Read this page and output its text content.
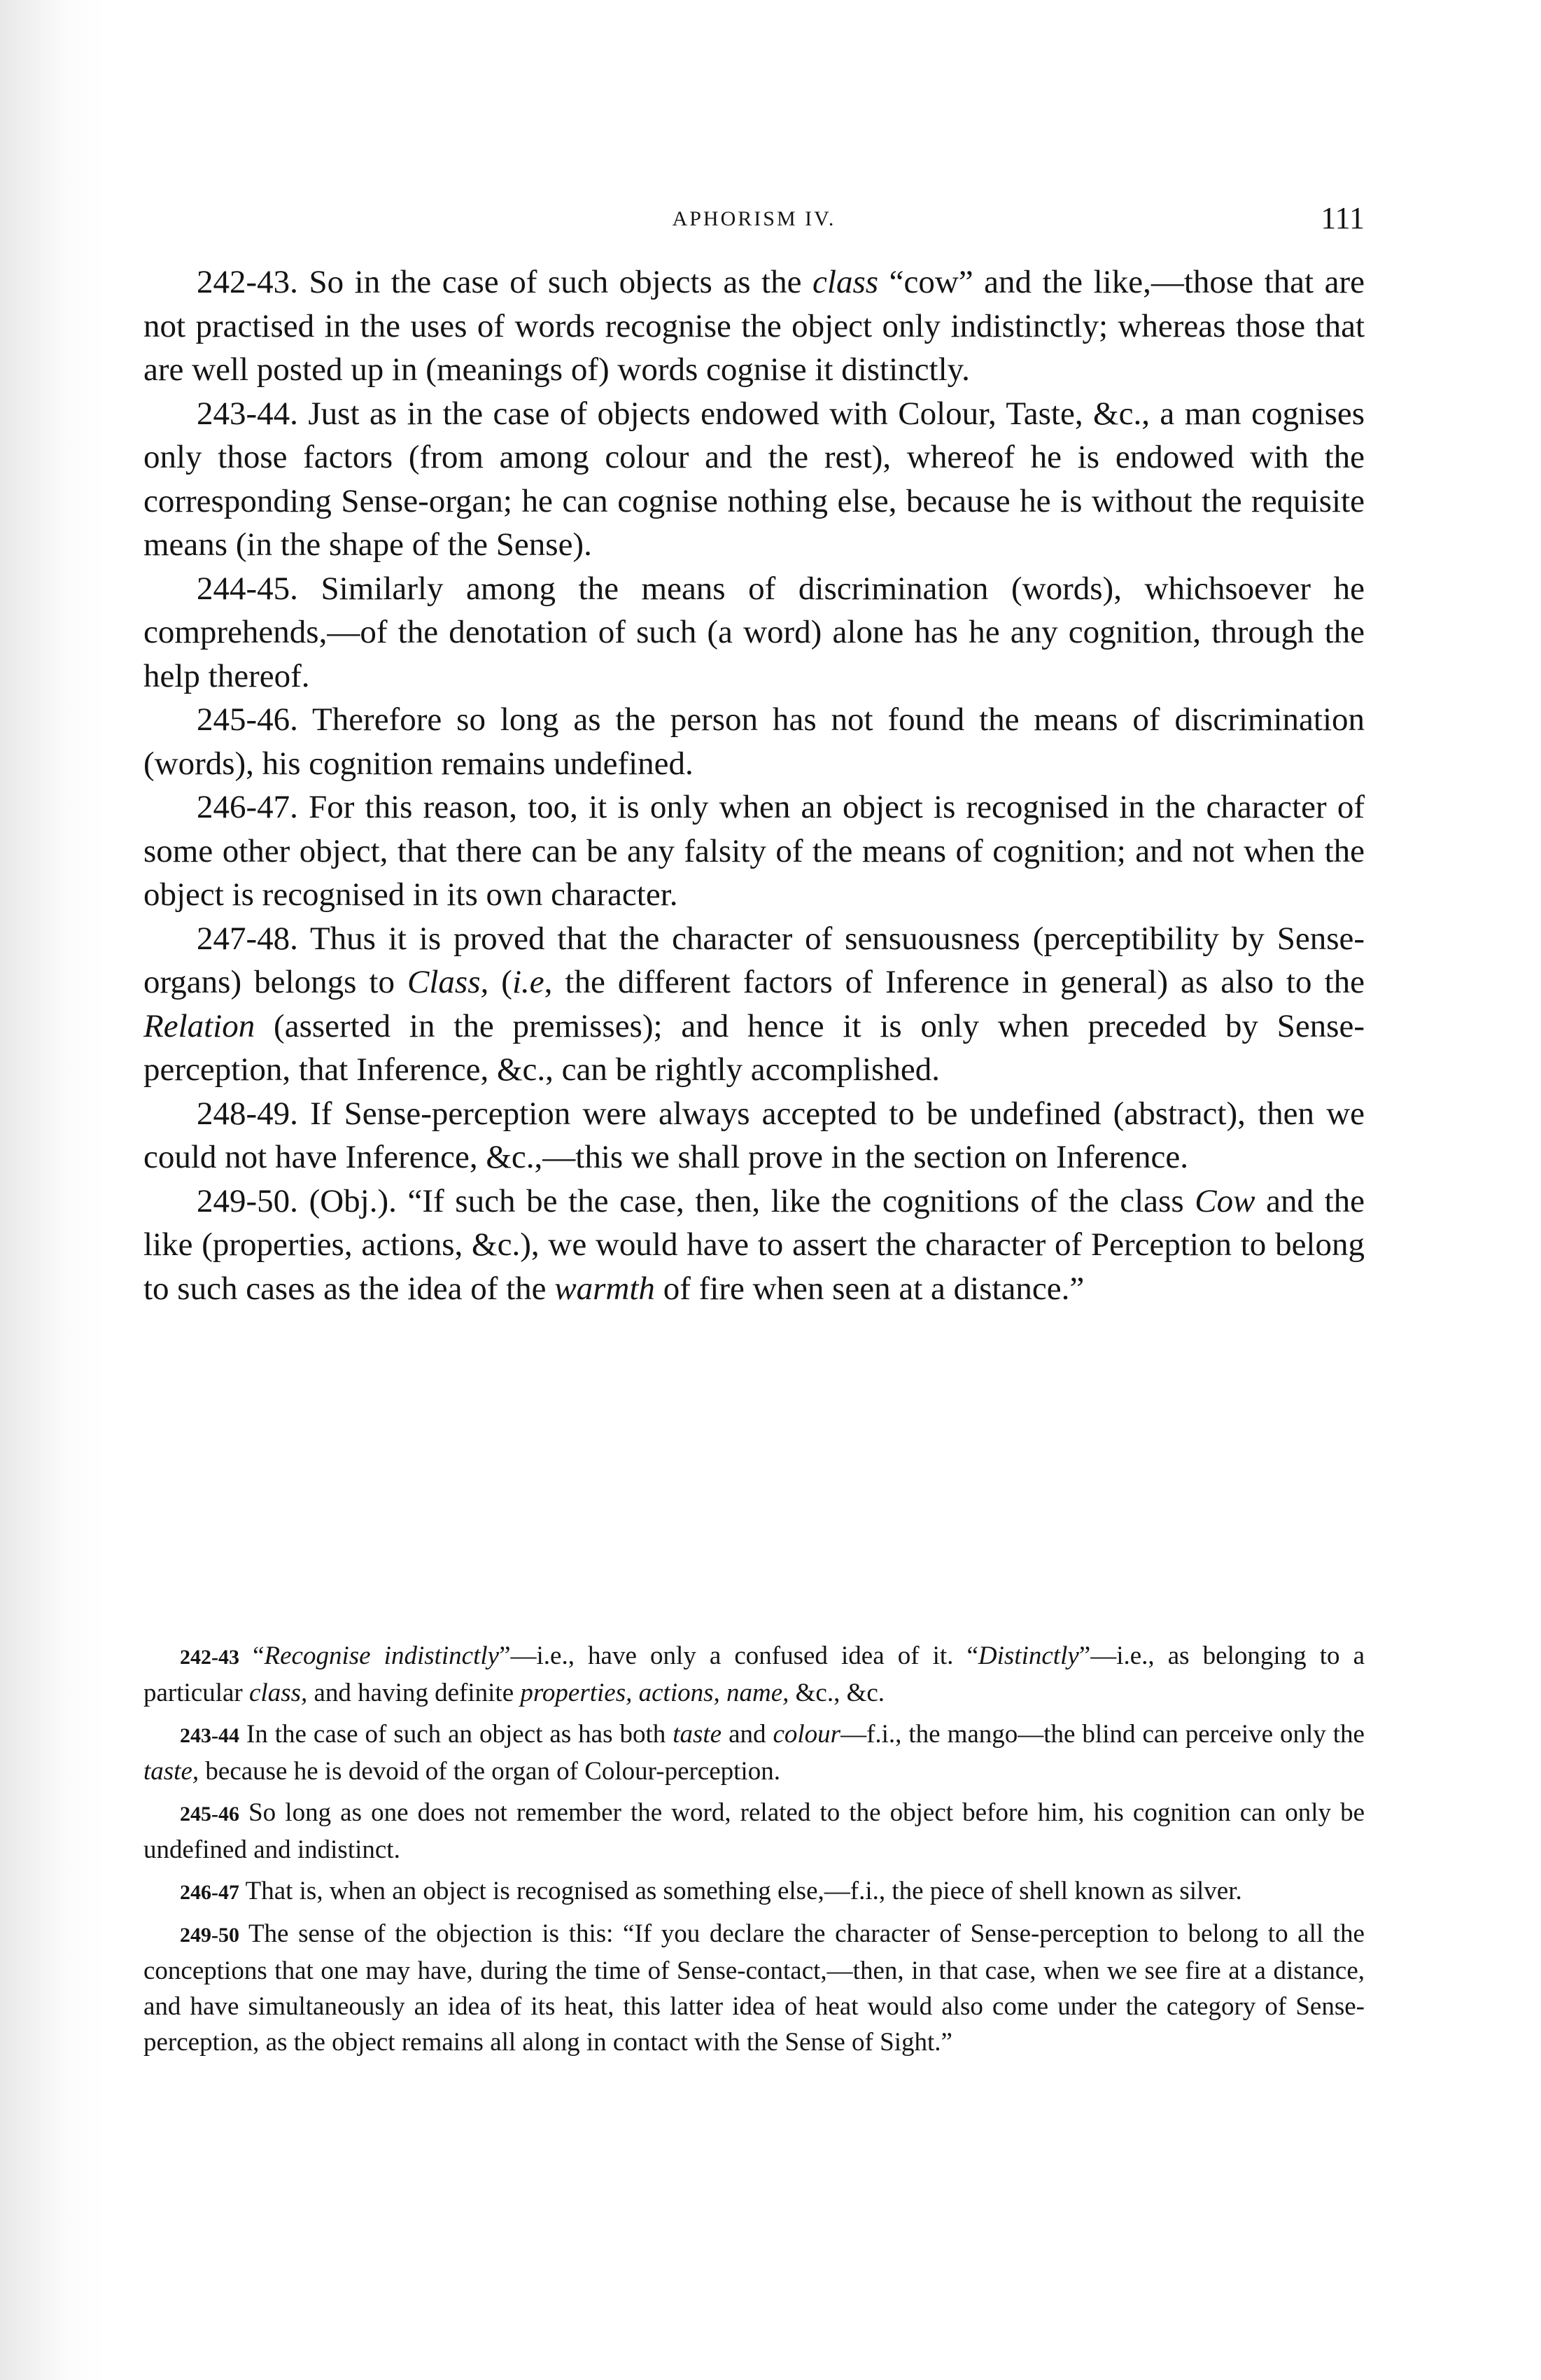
APHORISM IV.	111

242-43. So in the case of such objects as the class “cow” and the like,—those that are not practised in the uses of words recognise the object only indistinctly; whereas those that are well posted up in (meanings of) words cognise it distinctly.

243-44. Just as in the case of objects endowed with Colour, Taste, &c., a man cognises only those factors (from among colour and the rest), whereof he is endowed with the corresponding Sense-organ; he can cognise nothing else, because he is without the requisite means (in the shape of the Sense).

244-45. Similarly among the means of discrimination (words), whichsoever he comprehends,—of the denotation of such (a word) alone has he any cognition, through the help thereof.

245-46. Therefore so long as the person has not found the means of discrimination (words), his cognition remains undefined.

246-47. For this reason, too, it is only when an object is recognised in the character of some other object, that there can be any falsity of the means of cognition; and not when the object is recognised in its own character.

247-48. Thus it is proved that the character of sensuousness (perceptibility by Sense-organs) belongs to Class, (i.e, the different factors of Inference in general) as also to the Relation (asserted in the premisses); and hence it is only when preceded by Sense-perception, that Inference, &c., can be rightly accomplished.

248-49. If Sense-perception were always accepted to be undefined (abstract), then we could not have Inference, &c.,—this we shall prove in the section on Inference.

249-50. (Obj.). “If such be the case, then, like the cognitions of the class Cow and the like (properties, actions, &c.), we would have to assert the character of Perception to belong to such cases as the idea of the warmth of fire when seen at a distance.”

242-43 “Recognise indistinctly”—i.e., have only a confused idea of it. “Distinctly”—i.e., as belonging to a particular class, and having definite properties, actions, name, &c., &c.

243-44 In the case of such an object as has both taste and colour—f.i., the mango—the blind can perceive only the taste, because he is devoid of the organ of Colour-perception.

245-46 So long as one does not remember the word, related to the object before him, his cognition can only be undefined and indistinct.

246-47 That is, when an object is recognised as something else,—f.i., the piece of shell known as silver.

249-50 The sense of the objection is this: “If you declare the character of Sense-perception to belong to all the conceptions that one may have, during the time of Sense-contact,—then, in that case, when we see fire at a distance, and have simultaneously an idea of its heat, this latter idea of heat would also come under the category of Sense-perception, as the object remains all along in contact with the Sense of Sight.”
